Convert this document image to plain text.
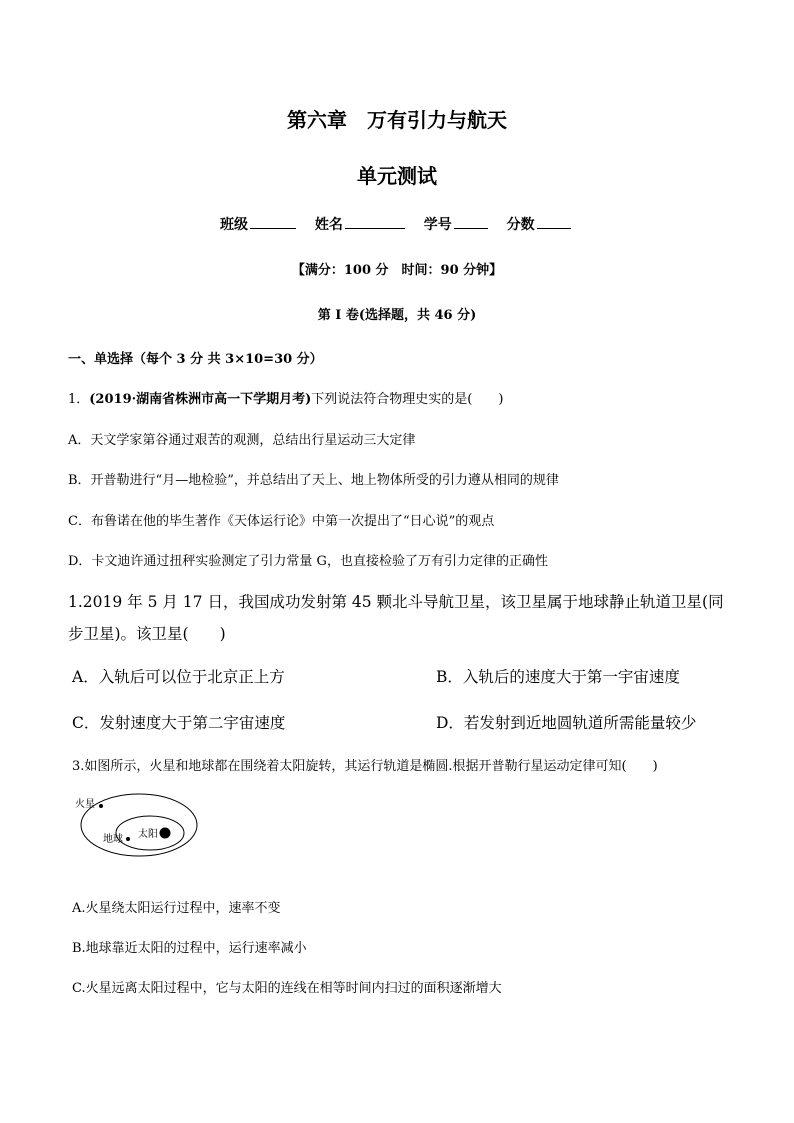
第六章　万有引力与航天
单元测试
班级	姓名	学号	分数
【满分：100 分　时间：90 分钟】
第 I 卷(选择题，共 46 分)
一、单选择（每个 3 分 共 3×10=30 分）
1．(2019·湖南省株洲市高一下学期月考)下列说法符合物理史实的是(　　)
A．天文学家第谷通过艰苦的观测，总结出行星运动三大定律
B．开普勒进行“月—地检验”，并总结出了天上、地上物体所受的引力遵从相同的规律
C．布鲁诺在他的毕生著作《天体运行论》中第一次提出了“日心说”的观点
D．卡文迪许通过扭秤实验测定了引力常量 G，也直接检验了万有引力定律的正确性
1.2019 年 5 月 17 日，我国成功发射第 45 颗北斗导航卫星，该卫星属于地球静止轨道卫星(同
步卫星)。该卫星(　　)
A．入轨后可以位于北京正上方	B．入轨后的速度大于第一宇宙速度
C．发射速度大于第二宇宙速度	D．若发射到近地圆轨道所需能量较少
3.如图所示，火星和地球都在围绕着太阳旋转，其运行轨道是椭圆.根据开普勒行星运动定律可知(　　)
火星
地球 太阳
A.火星绕太阳运行过程中，速率不变
B.地球靠近太阳的过程中，运行速率减小
C.火星远离太阳过程中，它与太阳的连线在相等时间内扫过的面积逐渐增大
